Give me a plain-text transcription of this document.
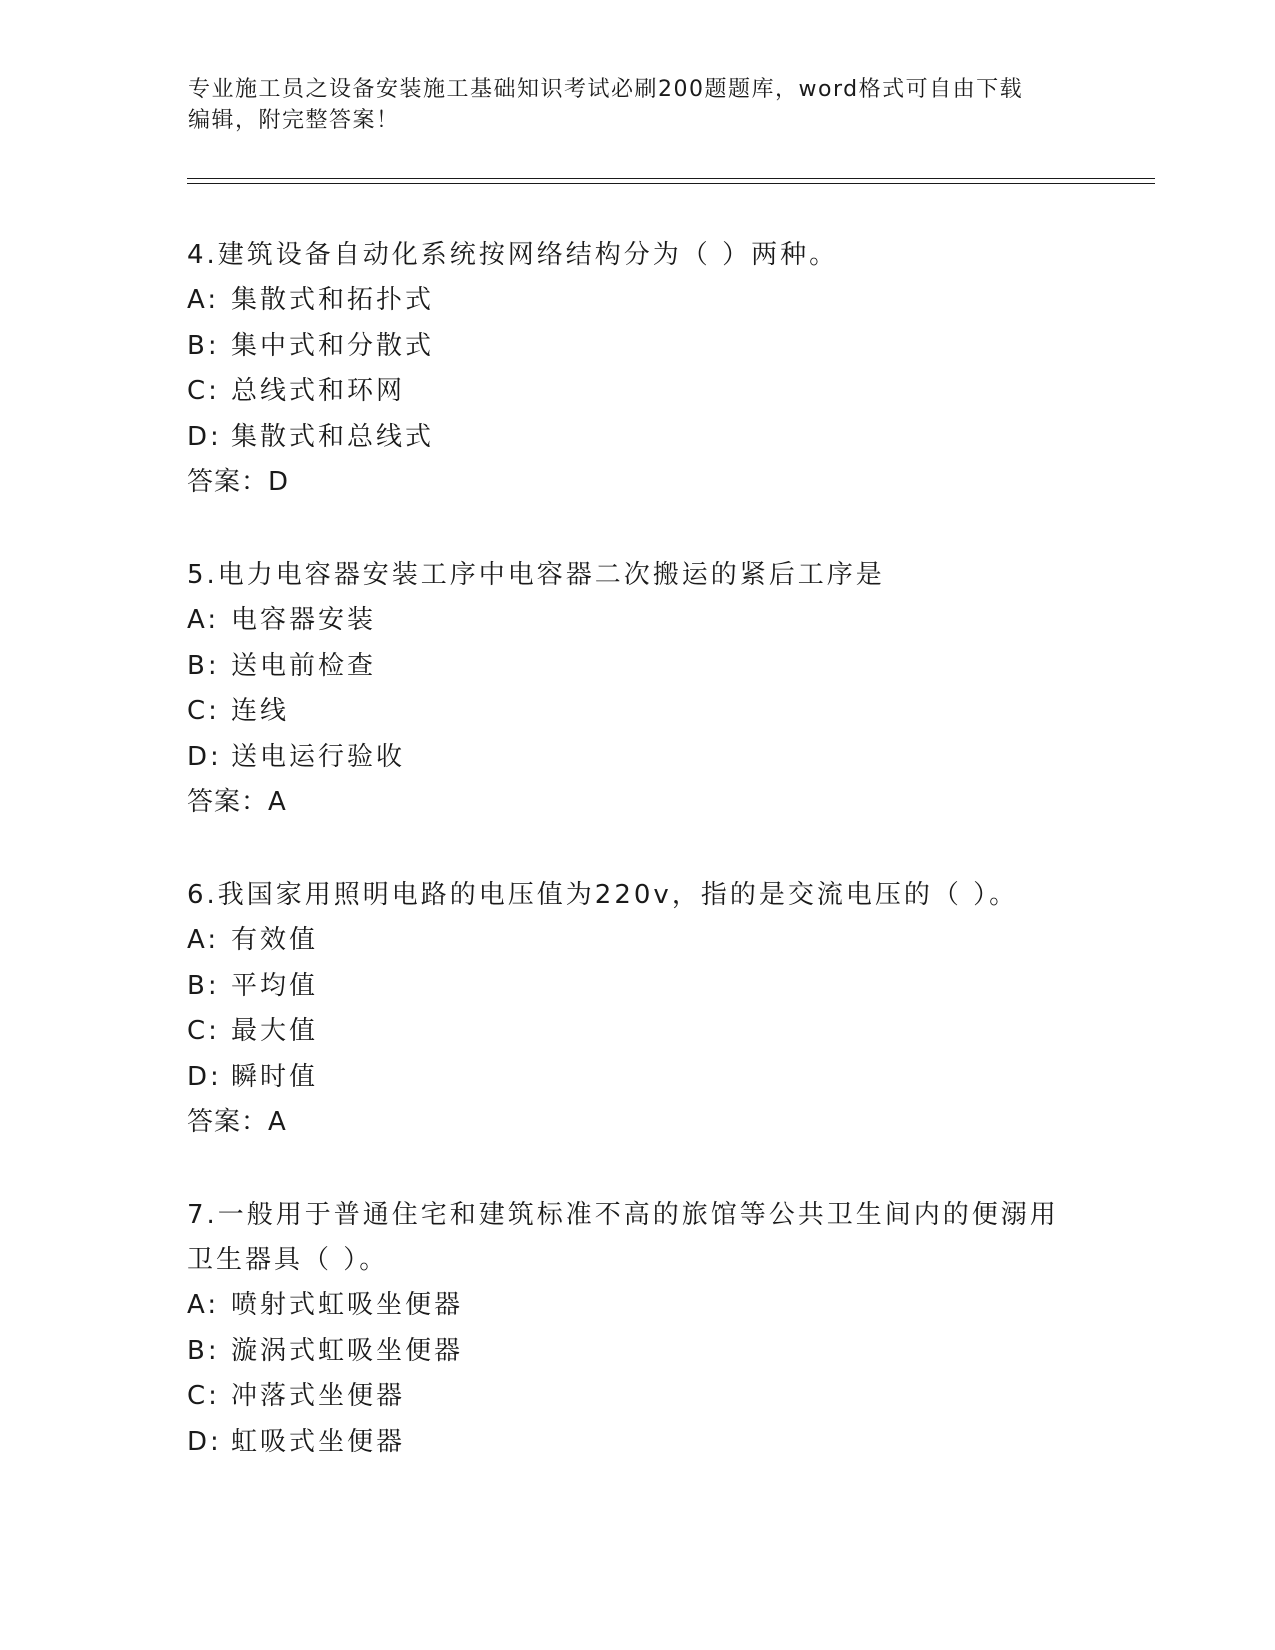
专业施工员之设备安装施工基础知识考试必刷200题题库，word格式可自由下载
编辑，附完整答案！
4.建筑设备自动化系统按网络结构分为（ ）两种。
A: 集散式和拓扑式
B: 集中式和分散式
C: 总线式和环网
D: 集散式和总线式
答案：D
5.电力电容器安装工序中电容器二次搬运的紧后工序是
A: 电容器安装
B: 送电前检查
C: 连线
D: 送电运行验收
答案：A
6.我国家用照明电路的电压值为220v，指的是交流电压的（ ）。
A: 有效值
B: 平均值
C: 最大值
D: 瞬时值
答案：A
7.一般用于普通住宅和建筑标准不高的旅馆等公共卫生间内的便溺用
卫生器具（ ）。
A: 喷射式虹吸坐便器
B: 漩涡式虹吸坐便器
C: 冲落式坐便器
D: 虹吸式坐便器
